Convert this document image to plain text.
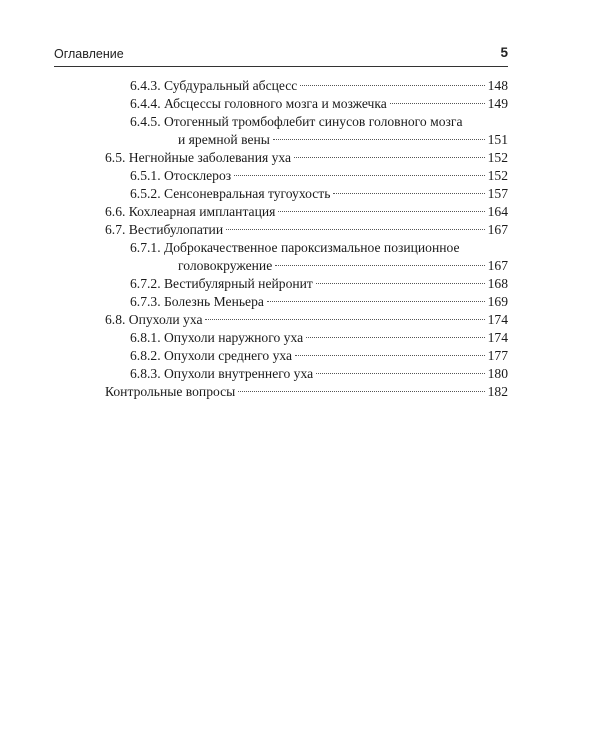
Оглавление	5
6.4.3. Субдуральный абсцесс	148
6.4.4. Абсцессы головного мозга и мозжечка	149
6.4.5. Отогенный тромбофлебит синусов головного мозга
и яремной вены	151
6.5. Негнойные заболевания уха	152
6.5.1. Отосклероз	152
6.5.2. Сенсоневральная тугоухость	157
6.6. Кохлеарная имплантация	164
6.7. Вестибулопатии	167
6.7.1. Доброкачественное пароксизмальное позиционное
головокружение	167
6.7.2. Вестибулярный нейронит	168
6.7.3. Болезнь Меньера	169
6.8. Опухоли уха	174
6.8.1. Опухоли наружного уха	174
6.8.2. Опухоли среднего уха	177
6.8.3. Опухоли внутреннего уха	180
Контрольные вопросы	182
